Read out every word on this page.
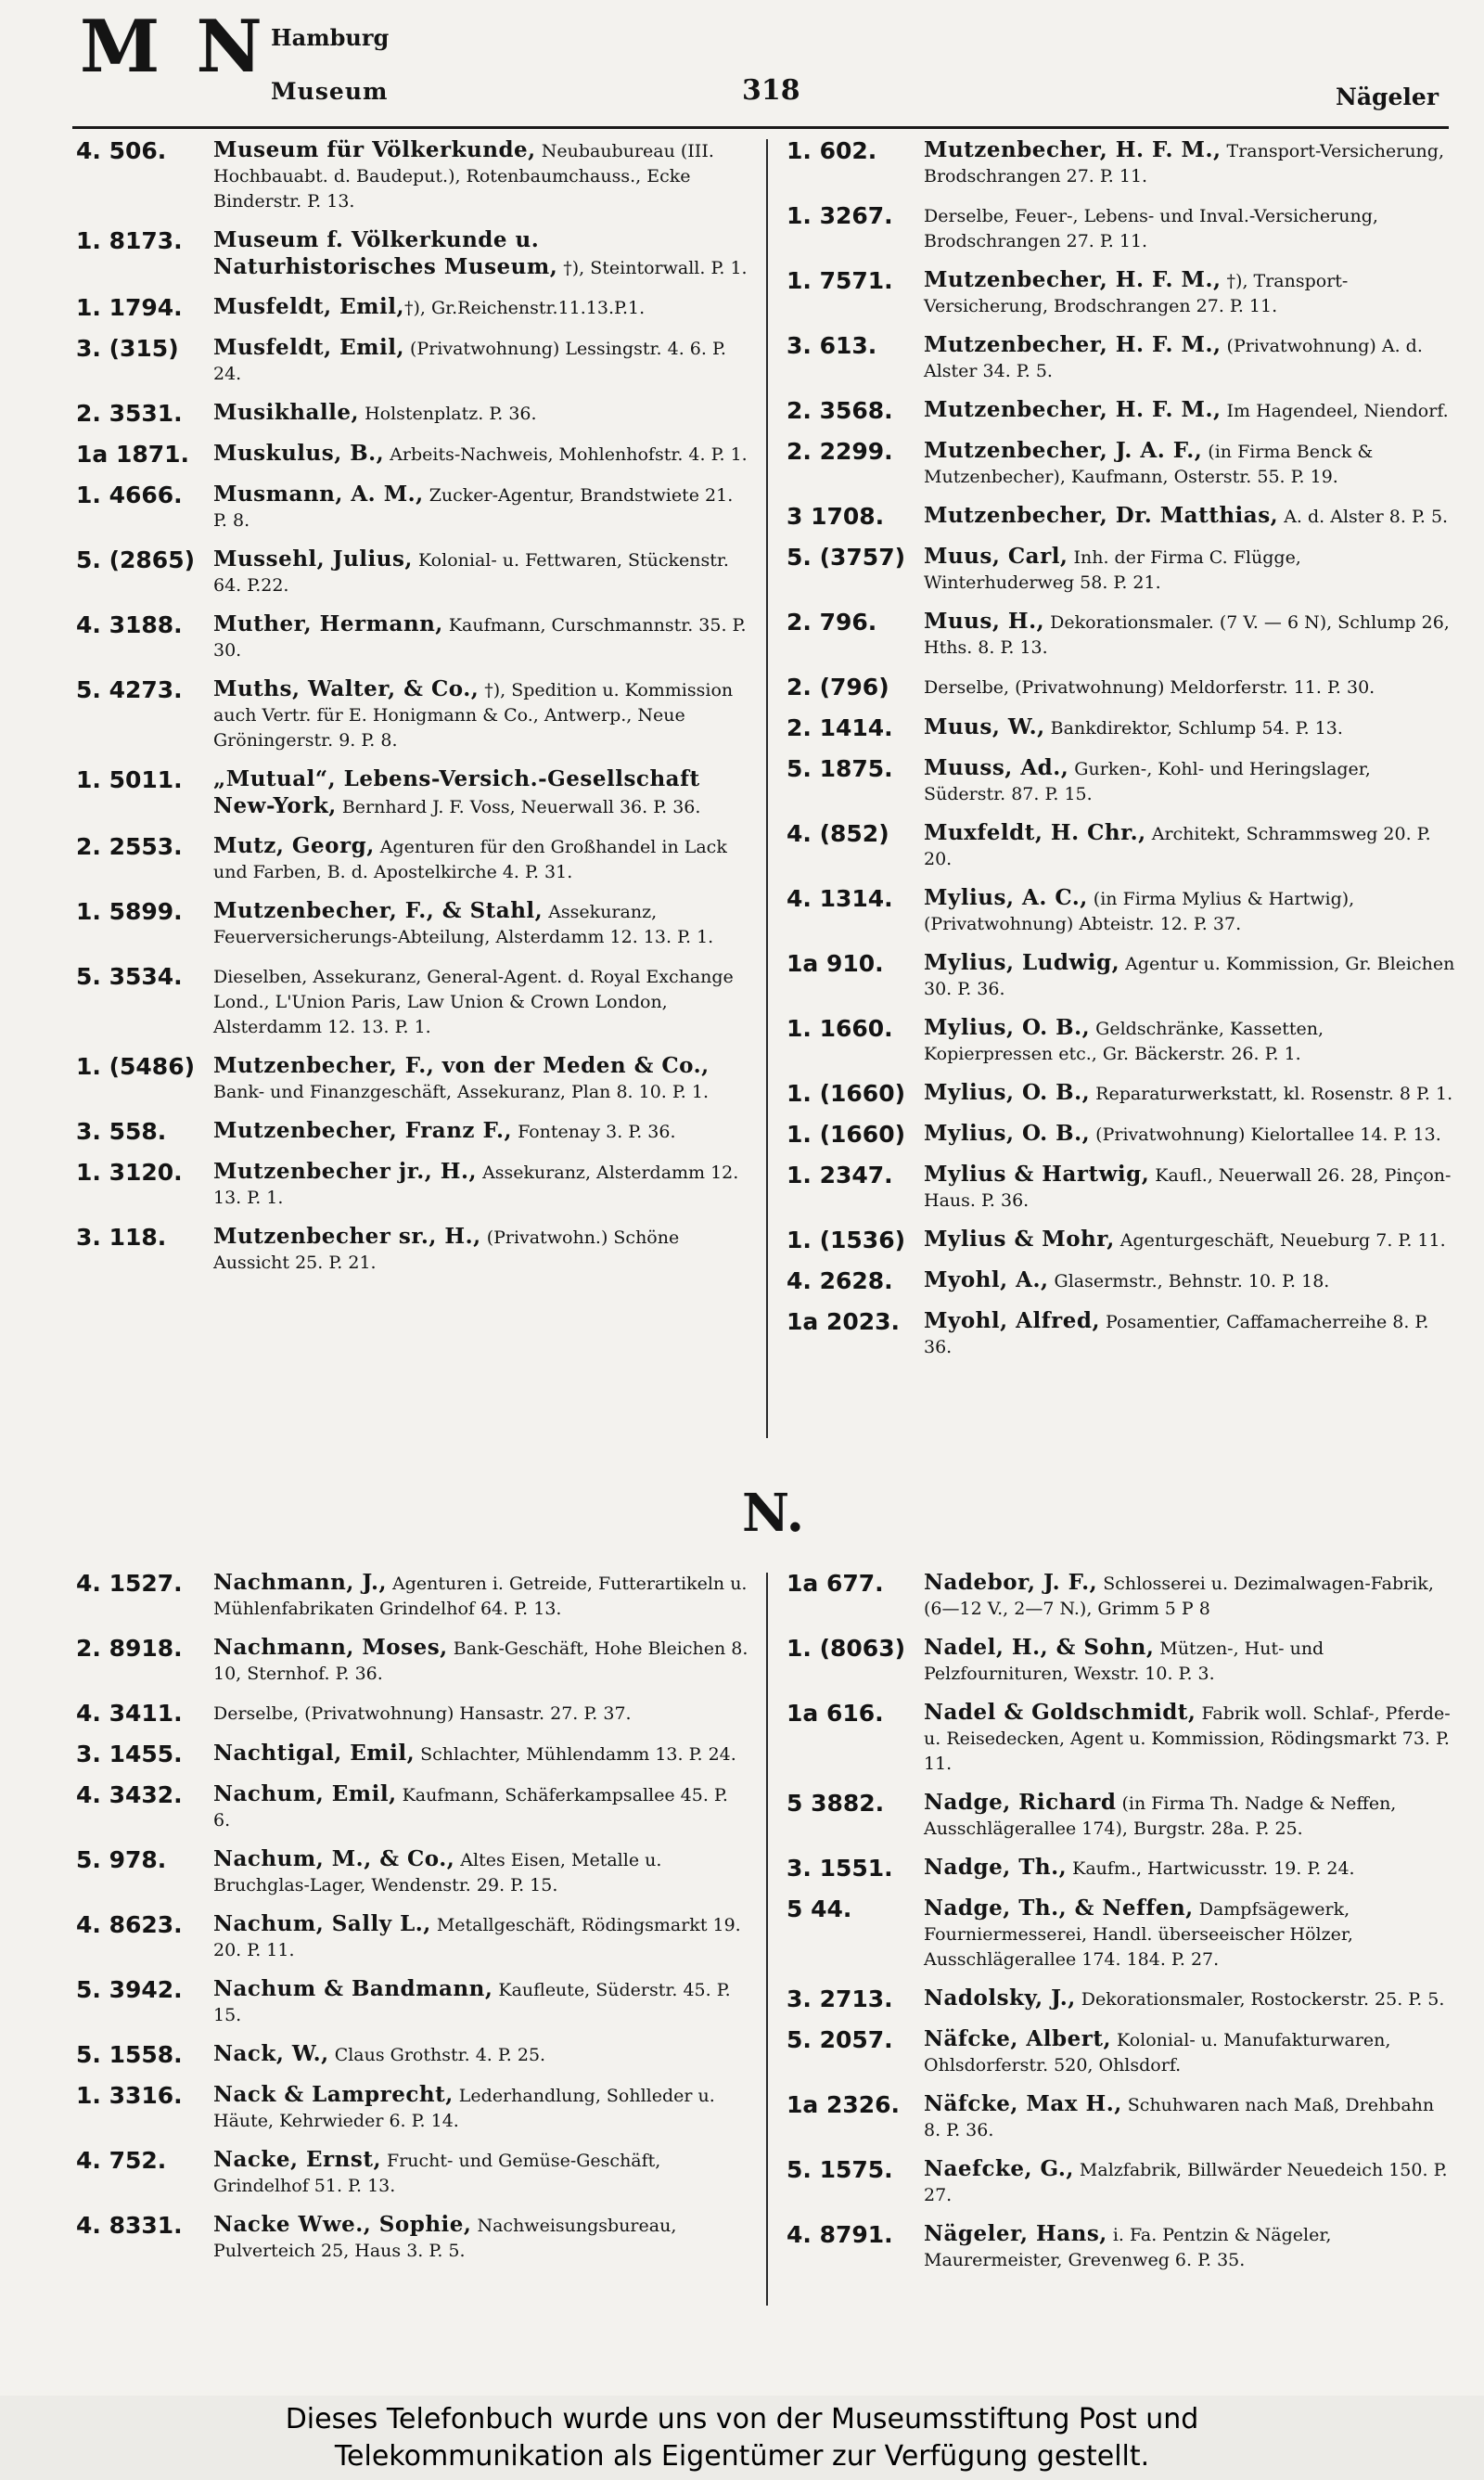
M N Hamburg
Museum	318	Nägeler
4. 506.	Museum für Völkerkunde, Neubaubureau (III. Hochbauabt. d. Baudeput.), Rotenbaumchauss., Ecke Binderstr. P. 13.
1. 8173.	Museum f. Völkerkunde u. Naturhistorisches Museum, †), Steintorwall. P. 1.
1. 1794.	Musfeldt, Emil,†), Gr.Reichenstr.11.13.P.1.
3. (315)	Musfeldt, Emil, (Privatwohnung) Lessingstr. 4. 6. P. 24.
2. 3531.	Musikhalle, Holstenplatz. P. 36.
1a 1871.	Muskulus, B., Arbeits-Nachweis, Mohlenhofstr. 4. P. 1.
1. 4666.	Musmann, A. M., Zucker-Agentur, Brandstwiete 21. P. 8.
5. (2865) Mussehl, Julius, Kolonial- u. Fettwaren, Stückenstr. 64. P.22.
4. 3188.	Muther, Hermann, Kaufmann, Curschmannstr. 35. P. 30.
5. 4273.	Muths, Walter, & Co., †), Spedition u. Kommission auch Vertr. für E. Honigmann & Co., Antwerp., Neue Gröningerstr. 9. P. 8.
1. 5011.	„Mutual“, Lebens-Versich.-Gesellschaft New-York, Bernhard J. F. Voss, Neuerwall 36. P. 36.
2. 2553.	Mutz, Georg, Agenturen für den Großhandel in Lack und Farben, B. d. Apostelkirche 4. P. 31.
1. 5899.	Mutzenbecher, F., & Stahl, Assekuranz, Feuerversicherungs-Abteilung, Alsterdamm 12. 13. P. 1.
5. 3534.	Dieselben, Assekuranz, General-Agent. d. Royal Exchange Lond., L'Union Paris, Law Union & Crown London, Alsterdamm 12. 13. P. 1.
1. (5486) Mutzenbecher, F., von der Meden & Co., Bank- und Finanzgeschäft, Assekuranz, Plan 8. 10. P. 1.
3. 558.	Mutzenbecher, Franz F., Fontenay 3. P. 36.
1. 3120.	Mutzenbecher jr., H., Assekuranz, Alsterdamm 12. 13. P. 1.
3. 118.	Mutzenbecher sr., H., (Privatwohn.) Schöne Aussicht 25. P. 21.
1. 602.	Mutzenbecher, H. F. M., Transport-Versicherung, Brodschrangen 27. P. 11.
1. 3267.	Derselbe, Feuer-, Lebens- und Inval.-Versicherung, Brodschrangen 27. P. 11.
1. 7571.	Mutzenbecher, H. F. M., †), Transport-Versicherung, Brodschrangen 27. P. 11.
3. 613.	Mutzenbecher, H. F. M., (Privatwohnung) A. d. Alster 34. P. 5.
2. 3568.	Mutzenbecher, H. F. M., Im Hagendeel, Niendorf.
2. 2299.	Mutzenbecher, J. A. F., (in Firma Benck & Mutzenbecher), Kaufmann, Osterstr. 55. P. 19.
3 1708.	Mutzenbecher, Dr. Matthias, A. d. Alster 8. P. 5.
5. (3757) Muus, Carl, Inh. der Firma C. Flügge, Winterhuderweg 58. P. 21.
2. 796.	Muus, H., Dekorationsmaler. (7 V. — 6 N), Schlump 26, Hths. 8. P. 13.
2. (796)	Derselbe, (Privatwohnung) Meldorferstr. 11. P. 30.
2. 1414.	Muus, W., Bankdirektor, Schlump 54. P. 13.
5. 1875.	Muuss, Ad., Gurken-, Kohl- und Heringslager, Süderstr. 87. P. 15.
4. (852)	Muxfeldt, H. Chr., Architekt, Schrammsweg 20. P. 20.
4. 1314.	Mylius, A. C., (in Firma Mylius & Hartwig), (Privatwohnung) Abteistr. 12. P. 37.
1a 910.	Mylius, Ludwig, Agentur u. Kommission, Gr. Bleichen 30. P. 36.
1. 1660.	Mylius, O. B., Geldschränke, Kassetten, Kopierpressen etc., Gr. Bäckerstr. 26. P. 1.
1. (1660) Mylius, O. B., Reparaturwerkstatt, kl. Rosenstr. 8 P. 1.
1. (1660) Mylius, O. B., (Privatwohnung) Kielortallee 14. P. 13.
1. 2347.	Mylius & Hartwig, Kaufl., Neuerwall 26. 28, Pinçon-Haus. P. 36.
1. (1536) Mylius & Mohr, Agenturgeschäft, Neueburg 7. P. 11.
4. 2628.	Myohl, A., Glasermstr., Behnstr. 10. P. 18.
1a 2023.	Myohl, Alfred, Posamentier, Caffamacherreihe 8. P. 36.
N.
4. 1527.	Nachmann, J., Agenturen i. Getreide, Futterartikeln u. Mühlenfabrikaten Grindelhof 64. P. 13.
2. 8918.	Nachmann, Moses, Bank-Geschäft, Hohe Bleichen 8. 10, Sternhof. P. 36.
4. 3411.	Derselbe, (Privatwohnung) Hansastr. 27. P. 37.
3. 1455.	Nachtigal, Emil, Schlachter, Mühlendamm 13. P. 24.
4. 3432.	Nachum, Emil, Kaufmann, Schäferkampsallee 45. P. 6.
5. 978.	Nachum, M., & Co., Altes Eisen, Metalle u. Bruchglas-Lager, Wendenstr. 29. P. 15.
4. 8623.	Nachum, Sally L., Metallgeschäft, Rödingsmarkt 19. 20. P. 11.
5. 3942.	Nachum & Bandmann, Kaufleute, Süderstr. 45. P. 15.
5. 1558.	Nack, W., Claus Grothstr. 4. P. 25.
1. 3316.	Nack & Lamprecht, Lederhandlung, Sohlleder u. Häute, Kehrwieder 6. P. 14.
4. 752.	Nacke, Ernst, Frucht- und Gemüse-Geschäft, Grindelhof 51. P. 13.
4. 8331.	Nacke Wwe., Sophie, Nachweisungsbureau, Pulverteich 25, Haus 3. P. 5.
1a 677.	Nadebor, J. F., Schlosserei u. Dezimalwagen-Fabrik, (6—12 V., 2—7 N.), Grimm 5 P 8
1. (8063) Nadel, H., & Sohn, Mützen-, Hut- und Pelzfournituren, Wexstr. 10. P. 3.
1a 616.	Nadel & Goldschmidt, Fabrik woll. Schlaf-, Pferde- u. Reisedecken, Agent u. Kommission, Rödingsmarkt 73. P. 11.
5 3882.	Nadge, Richard (in Firma Th. Nadge & Neffen, Ausschlägerallee 174), Burgstr. 28a. P. 25.
3. 1551.	Nadge, Th., Kaufm., Hartwicusstr. 19. P. 24.
5 44.	Nadge, Th., & Neffen, Dampfsägewerk, Fourniermesserei, Handl. überseeischer Hölzer, Ausschlägerallee 174. 184. P. 27.
3. 2713.	Nadolsky, J., Dekorationsmaler, Rostockerstr. 25. P. 5.
5. 2057.	Näfcke, Albert, Kolonial- u. Manufakturwaren, Ohlsdorferstr. 520, Ohlsdorf.
1a 2326.	Näfcke, Max H., Schuhwaren nach Maß, Drehbahn 8. P. 36.
5. 1575.	Naefcke, G., Malzfabrik, Billwärder Neuedeich 150. P. 27.
4. 8791.	Nägeler, Hans, i. Fa. Pentzin & Nägeler, Maurermeister, Grevenweg 6. P. 35.
Dieses Telefonbuch wurde uns von der Museumsstiftung Post und
Telekommunikation als Eigentümer zur Verfügung gestellt.
